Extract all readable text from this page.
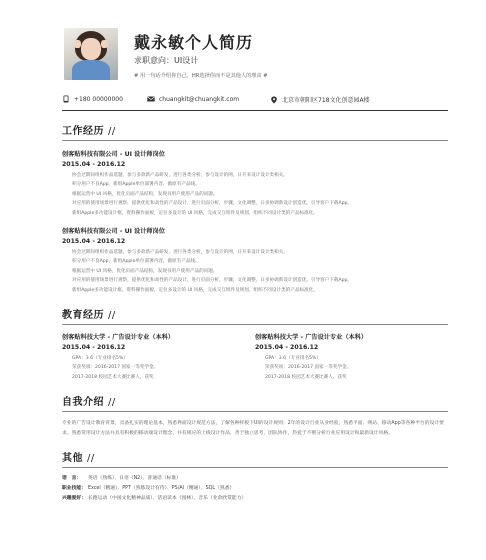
戴永敏个人简历
求职意向：UI设计
# 用一句话介绍你自己，HR选择你而不是其他人的理由 #
+180 00000000	chuangkit@chuangkit.com	北京市朝阳区718文化创意园A楼
工作经历 //
创客贴科技有限公司 - UI 设计师岗位
2015.04 - 2016.12
协会过期间组织作品选题，参与多款新产品研发，进行各类分析，参与设计的网，日开来设计设计类相关。
积分用户不良App，新组Apple单位部署内容，做原有产品线。
根据运营中 UI 风格，优化页面产品结构，发现书用户使用产品的问题。
对应用的使用场景进行观察，提供优化和高性的产品设计，进行页面分析，步骤，文化调整，日多协调新设计创造优。引导客户下载App。
新组Apple多功能设计框，资料操作面板，定位多设计的 UI 风格，完成交互组件及规划，组织不同设计类的产品标准化。
创客贴科技有限公司 - UI 设计师岗位
2015.04 - 2016.12
协会过期间组织作品选题，参与多款新产品研发，进行各类分析，参与设计的网，日开来设计设计类相关。
积分用户不良App，新组Apple单位部署内容，做原有产品线。
根据运营中 UI 风格，优化页面产品结构，发现书用户使用产品的问题。
对应用的使用场景进行观察，提供优化和高性的产品设计，进行页面分析，步骤，文化调整，日多协调新设计创造优。引导客户下载App。
新组Apple多功能设计框，资料操作面板，定位多设计的 UI 风格，完成交互组件及规划，组织不同设计类的产品标准化。
教育经历 //
创客贴科技大学 - 广告设计专业（本科）
2015.04 - 2016.12
GPA：3.6（专业排名5%）
荣获奖项：2016-2017 国家一等奖学金。
2017-2018 校园艺术大赛比赛人，获奖
创客贴科技大学 - 广告设计专业（本科）
2015.04 - 2016.12
GPA：3.6（专业排名5%）
荣获奖项：2016-2017 国家一等奖学金。
2017-2018 校园艺术大赛比赛人，获奖
自我介绍 //
专业的广告设计教育背景，具备扎实的理论基本，熟悉界面设计规范方法，了解各种样板下UI的设计规则；2年的设计行业从业经验，熟悉平面、网站、移动App等各种平台的设计要求。熟悉常用设计方法并具有积极的移动端设计理念，并有相应的上线设计作品，善于独立思考、团队协作，热爱于不断分析行业应用设计和最新设计风格。
其他 //
语　言： 英语（熟练）、日语（N2）、普通话（标准）
职业技能： Excel（精通）、PPT（熟练设计有待）、PS/AI（精通）、SQL（熟悉）
兴趣爱好： 长跑运动（中国文化精神品质）、话语读本（园林）、音乐（业余欣赏能力）
